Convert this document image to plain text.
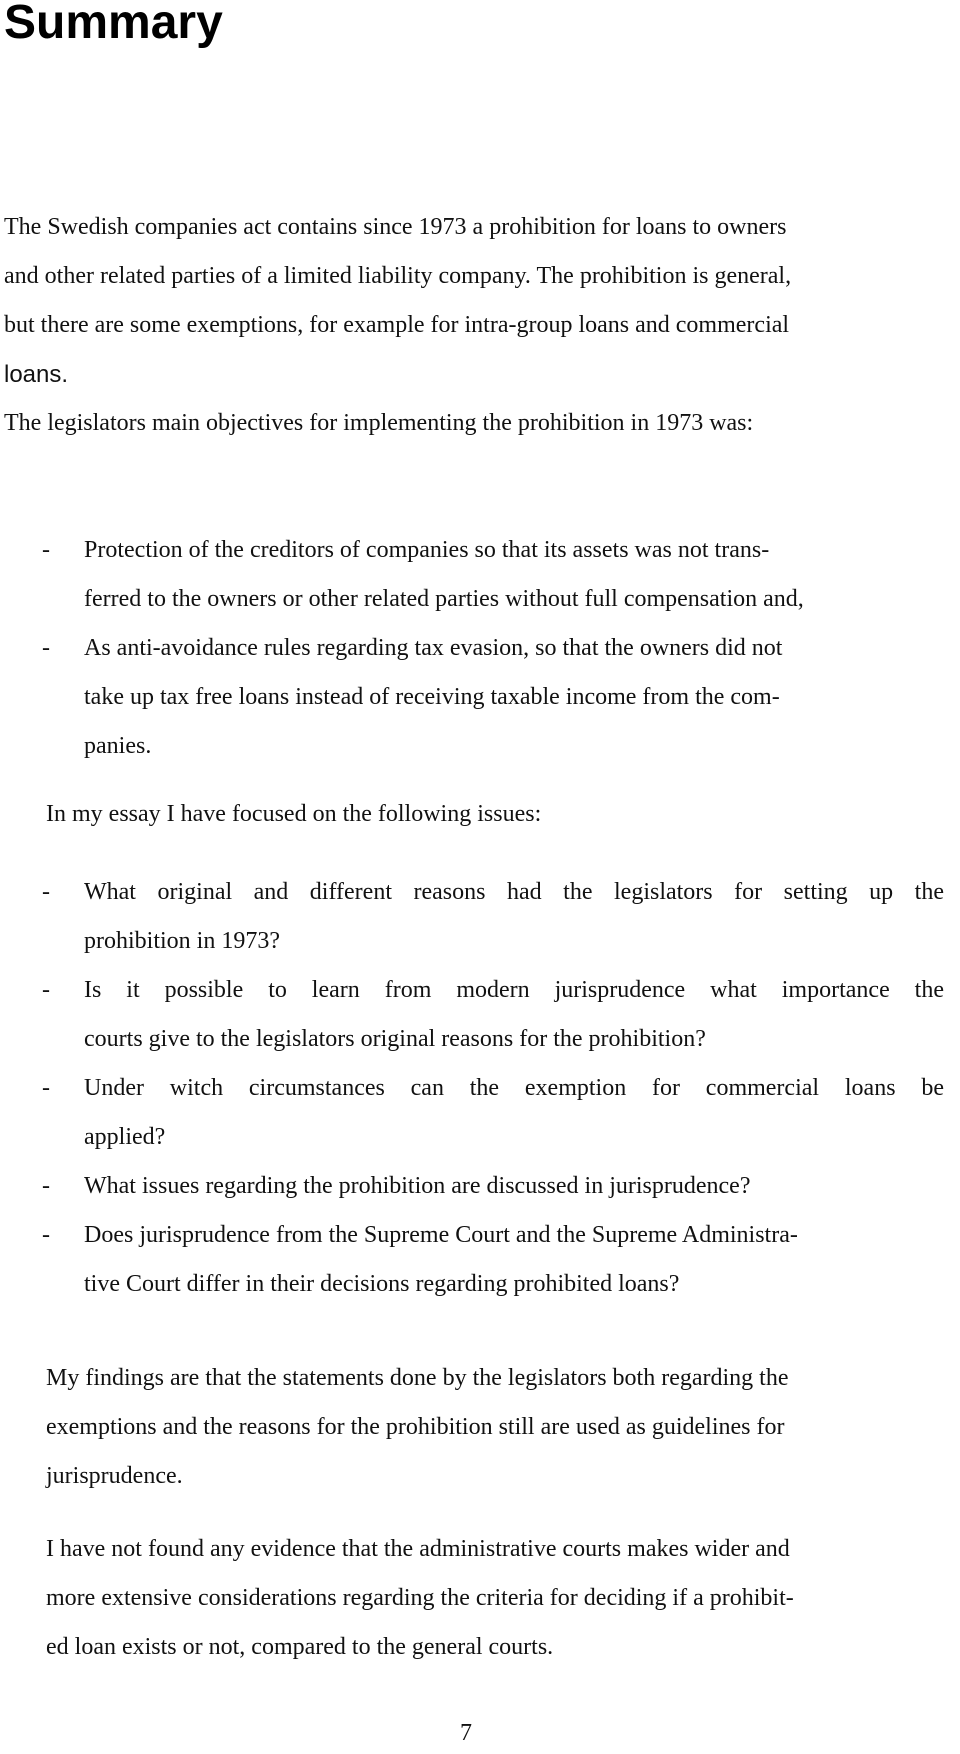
Summary
The Swedish companies act contains since 1973 a prohibition for loans to owners
and other related parties of a limited liability company. The prohibition is general,
but there are some exemptions, for example for intra-group loans and commercial
loans.
The legislators main objectives for implementing the prohibition in 1973 was:
- Protection of the creditors of companies so that its assets was not trans-
ferred to the owners or other related parties without full compensation and,
- As anti-avoidance rules regarding tax evasion, so that the owners did not
take up tax free loans instead of receiving taxable income from the com-
panies.
In my essay I have focused on the following issues:
- What original and different reasons had the legislators for setting up the
prohibition in 1973?
- Is it possible to learn from modern jurisprudence what importance the
courts give to the legislators original reasons for the prohibition?
- Under witch circumstances can the exemption for commercial loans be
applied?
- What issues regarding the prohibition are discussed in jurisprudence?
- Does jurisprudence from the Supreme Court and the Supreme Administra-
tive Court differ in their decisions regarding prohibited loans?
My findings are that the statements done by the legislators both regarding the
exemptions and the reasons for the prohibition still are used as guidelines for
jurisprudence.
I have not found any evidence that the administrative courts makes wider and
more extensive considerations regarding the criteria for deciding if a prohibit-
ed loan exists or not, compared to the general courts.
7
